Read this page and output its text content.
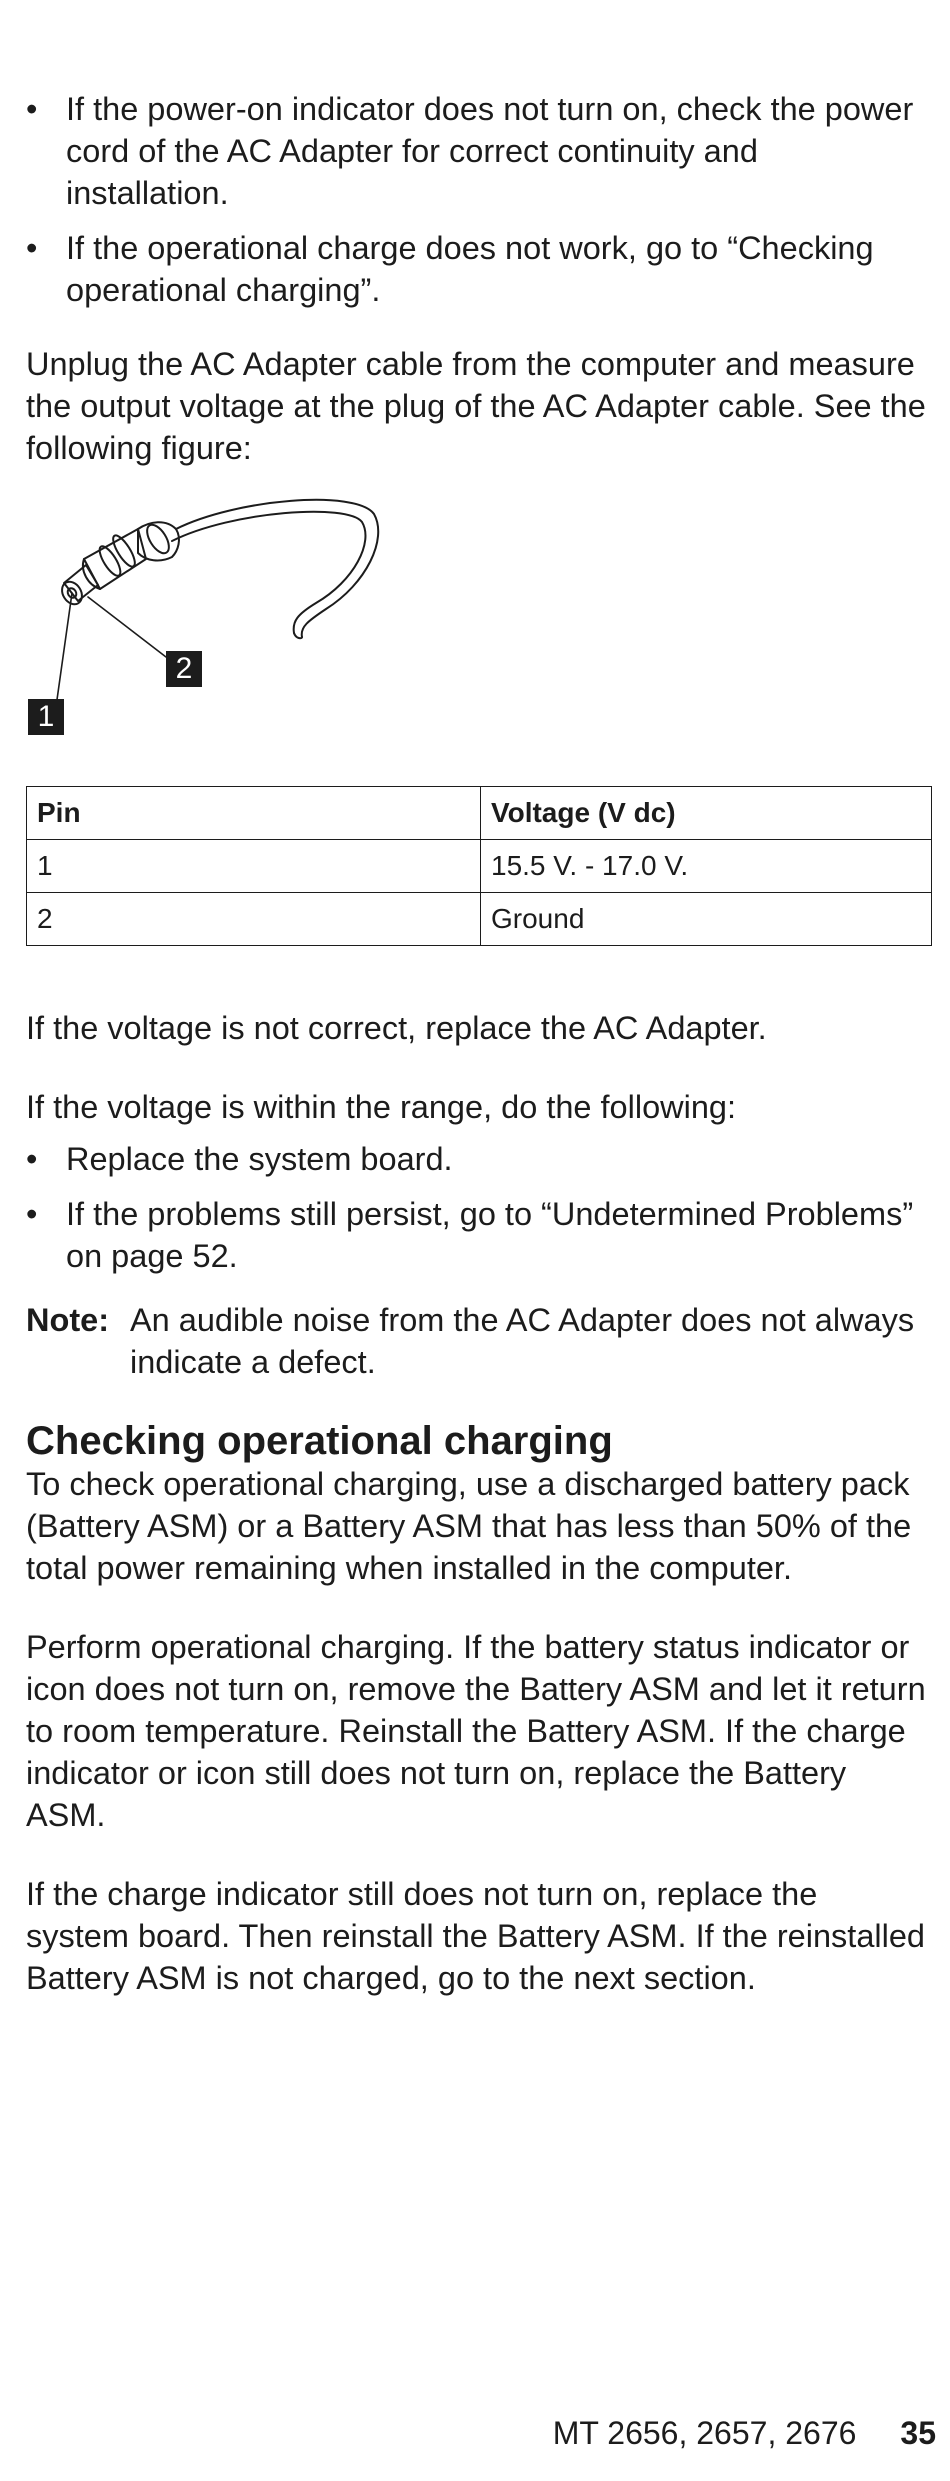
• If the power-on indicator does not turn on, check the power cord of the AC Adapter for correct continuity and installation.
• If the operational charge does not work, go to “Checking operational charging”.

Unplug the AC Adapter cable from the computer and measure the output voltage at the plug of the AC Adapter cable. See the following figure:

2
1
Pin	Voltage (V dc)
1	15.5 V. - 17.0 V.
2	Ground

If the voltage is not correct, replace the AC Adapter.

If the voltage is within the range, do the following:

• Replace the system board.
• If the problems still persist, go to “Undetermined Problems” on page 52.
Note: An audible noise from the AC Adapter does not always indicate a defect.
Checking operational charging

To check operational charging, use a discharged battery pack (Battery ASM) or a Battery ASM that has less than 50% of the total power remaining when installed in the computer.

Perform operational charging. If the battery status indicator or icon does not turn on, remove the Battery ASM and let it return to room temperature. Reinstall the Battery ASM. If the charge indicator or icon still does not turn on, replace the Battery ASM.

If the charge indicator still does not turn on, replace the system board. Then reinstall the Battery ASM. If the reinstalled Battery ASM is not charged, go to the next section.

MT 2656, 2657, 2676 35
